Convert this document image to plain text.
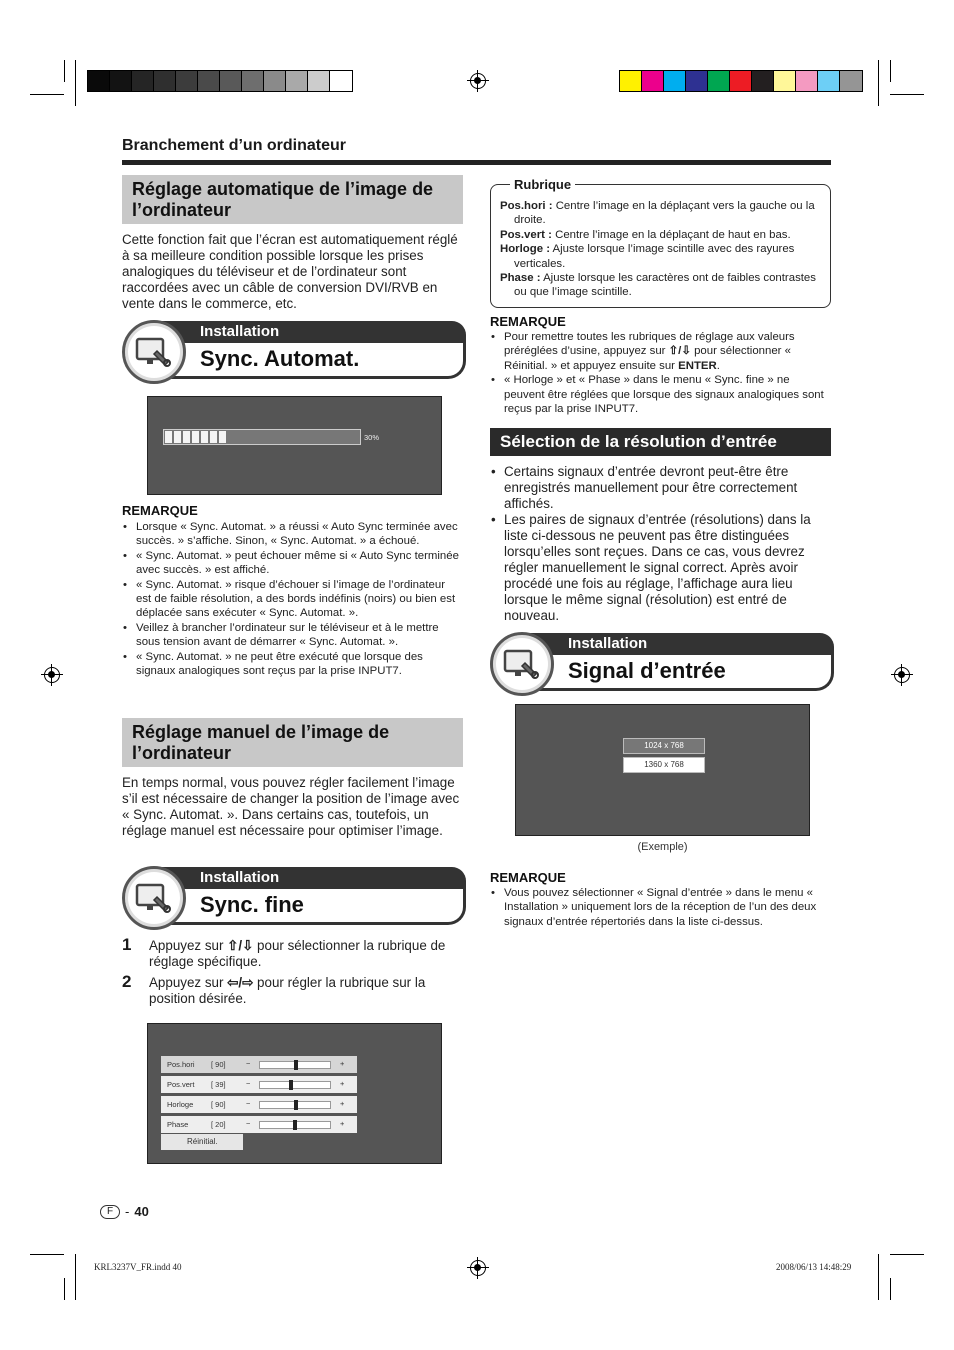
Branchement d’un ordinateur
Réglage automatique de l’image de l’ordinateur
Cette fonction fait que l’écran est automatiquement réglé à sa meilleure condition possible lorsque les prises analogiques du téléviseur et de l’ordinateur sont raccordées avec un câble de conversion DVI/RVB en vente dans le commerce, etc.
Installation
Sync. Automat.
30%
REMARQUE
• Lorsque « Sync. Automat. » a réussi « Auto Sync terminée avec succès. » s’affiche. Sinon, « Sync. Automat. » a échoué.
• « Sync. Automat. » peut échouer même si « Auto Sync terminée avec succès. » est affiché.
• « Sync. Automat. » risque d’échouer si l’image de l’ordinateur est de faible résolution, a des bords indéfinis (noirs) ou bien est déplacée sans exécuter « Sync. Automat. ».
• Veillez à brancher l’ordinateur sur le téléviseur et à le mettre sous tension avant de démarrer « Sync. Automat. ».
• « Sync. Automat. » ne peut être exécuté que lorsque des signaux analogiques sont reçus par la prise INPUT7.
Réglage manuel de l’image de l’ordinateur
En temps normal, vous pouvez régler facilement l’image s’il est nécessaire de changer la position de l’image avec « Sync. Automat. ». Dans certains cas, toutefois, un réglage manuel est nécessaire pour optimiser l’image.
Installation
Sync. fine
1 Appuyez sur ⇧/⇩ pour sélectionner la rubrique de réglage spécifique.
2 Appuyez sur ⇦/⇨ pour régler la rubrique sur la position désirée.
Pos.hori [ 90]	−	+
Pos.vert [ 39]	−	+
Horloge [ 90]	−	+
Phase	[ 20]	−	+
Réinitial.
Rubrique
Pos.hori : Centre l’image en la déplaçant vers la gauche ou la droite.
Pos.vert : Centre l’image en la déplaçant de haut en bas.
Horloge : Ajuste lorsque l’image scintille avec des rayures verticales.
Phase : Ajuste lorsque les caractères ont de faibles contrastes ou que l’image scintille.
REMARQUE
• Pour remettre toutes les rubriques de réglage aux valeurs préréglées d’usine, appuyez sur ⇧/⇩ pour sélectionner « Réinitial. » et appuyez ensuite sur ENTER.
• « Horloge » et « Phase » dans le menu « Sync. fine » ne peuvent être réglées que lorsque des signaux analogiques sont reçus par la prise INPUT7.
Sélection de la résolution d’entrée
• Certains signaux d’entrée devront peut-être être enregistrés manuellement pour être correctement affichés.
• Les paires de signaux d’entrée (résolutions) dans la liste ci-dessous ne peuvent pas être distinguées lorsqu’elles sont reçues. Dans ce cas, vous devrez régler manuellement le signal correct. Après avoir procédé une fois au réglage, l’affichage aura lieu lorsque le même signal (résolution) est entré de nouveau.
Installation
Signal d’entrée
1024 x 768
1360 x 768
(Exemple)
REMARQUE
• Vous pouvez sélectionner « Signal d’entrée » dans le menu « Installation » uniquement lors de la réception de l’un des deux signaux d’entrée répertoriés dans la liste ci-dessus.
F - 40
KRL3237V_FR.indd 40	2008/06/13 14:48:29
